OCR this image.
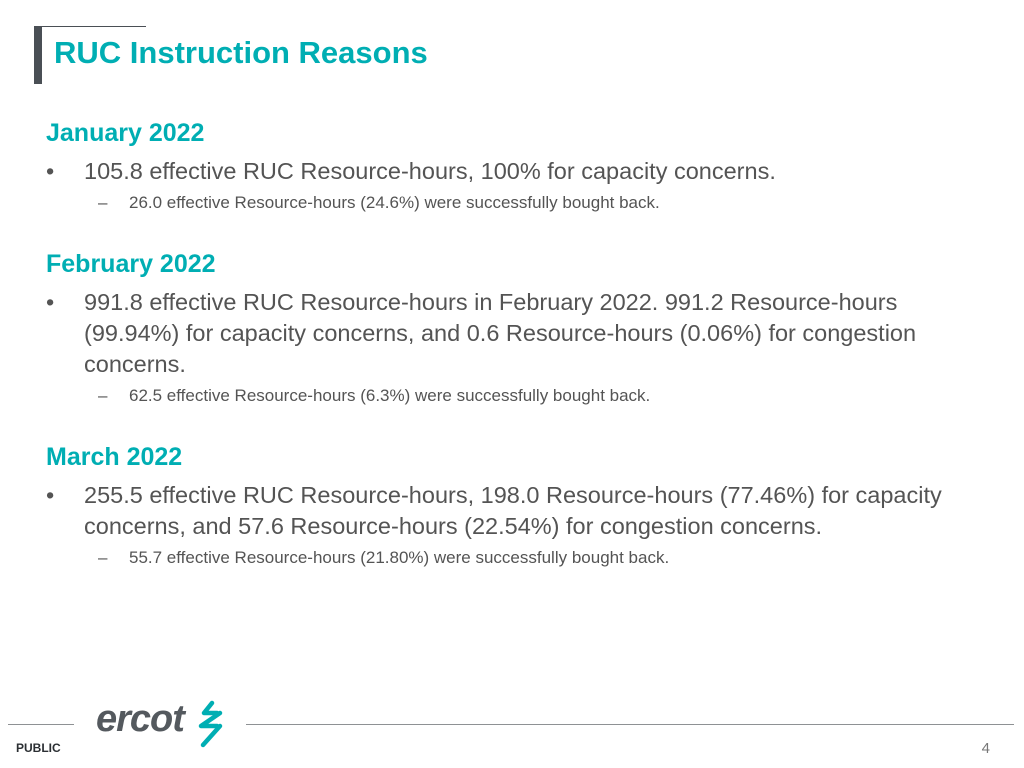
RUC Instruction Reasons
January 2022
•	105.8 effective RUC Resource-hours, 100% for capacity concerns.
– 26.0 effective Resource-hours (24.6%) were successfully bought back.
February 2022
•	991.8 effective RUC Resource-hours in February 2022. 991.2 Resource-hours (99.94%) for capacity concerns, and 0.6 Resource-hours (0.06%) for congestion concerns.
– 62.5 effective Resource-hours (6.3%) were successfully bought back.
March 2022
•	255.5 effective RUC Resource-hours, 198.0 Resource-hours (77.46%) for capacity concerns, and 57.6 Resource-hours (22.54%) for congestion concerns.
– 55.7 effective Resource-hours (21.80%) were successfully bought back.
PUBLIC
ercot
4
